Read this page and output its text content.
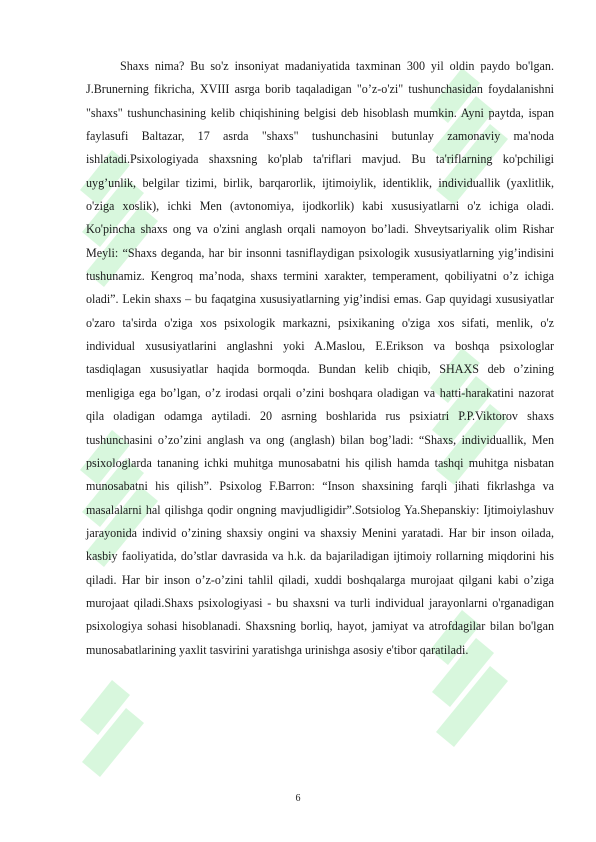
Shaxs nima? Bu so'z insoniyat madaniyatida taxminan 300 yil oldin paydo bo'lgan. J.Brunerning fikricha, XVIII asrga borib taqaladigan "o’z-o'zi" tushunchasidan foydalanishni "shaxs" tushunchasining kelib chiqishining belgisi deb hisoblash mumkin. Ayni paytda, ispan faylasufi Baltazar, 17 asrda "shaxs" tushunchasini butunlay zamonaviy ma'noda ishlatadi.Psixologiyada shaxsning ko'plab ta'riflari mavjud. Bu ta'riflarning ko'pchiligi uyg’unlik, belgilar tizimi, birlik, barqarorlik, ijtimoiylik, identiklik, individuallik (yaxlitlik, o'ziga xoslik), ichki Men (avtonomiya, ijodkorlik) kabi xususiyatlarni o'z ichiga oladi. Ko'pincha shaxs ong va o'zini anglash orqali namoyon bo’ladi. Shveytsariyalik olim Rishar Meyli: “Shaxs deganda, har bir insonni tasniflaydigan psixologik xususiyatlarning yig’indisini tushunamiz. Kengroq ma’noda, shaxs termini xarakter, temperament, qobiliyatni o’z ichiga oladi”. Lekin shaxs – bu faqatgina xususiyatlarning yig’indisi emas. Gap quyidagi xususiyatlar o'zaro ta'sirda o'ziga xos psixologik markazni, psixikaning o'ziga xos sifati, menlik, o'z individual xususiyatlarini anglashni yoki A.Maslou, E.Erikson va boshqa psixologlar tasdiqlagan xususiyatlar haqida bormoqda. Bundan kelib chiqib, SHAXS deb o’zining menligiga ega bo’lgan, o’z irodasi orqali o’zini boshqara oladigan va hatti-harakatini nazorat qila oladigan odamga aytiladi. 20 asrning boshlarida rus psixiatri P.P.Viktorov shaxs tushunchasini o’zo’zini anglash va ong (anglash) bilan bog’ladi: “Shaxs, individuallik, Men psixologlarda tananing ichki muhitga munosabatni his qilish hamda tashqi muhitga nisbatan munosabatni his qilish”. Psixolog F.Barron: “Inson shaxsining farqli jihati fikrlashga va masalalarni hal qilishga qodir ongning mavjudligidir”.Sotsiolog Ya.Shepanskiy: Ijtimoiylashuv jarayonida individ o’zining shaxsiy ongini va shaxsiy Menini yaratadi. Har bir inson oilada, kasbiy faoliyatida, do’stlar davrasida va h.k. da bajariladigan ijtimoiy rollarning miqdorini his qiladi. Har bir inson o’z-o’zini tahlil qiladi, xuddi boshqalarga murojaat qilgani kabi o’ziga murojaat qiladi.Shaxs psixologiyasi - bu shaxsni va turli individual jarayonlarni o'rganadigan psixologiya sohasi hisoblanadi. Shaxsning borliq, hayot, jamiyat va atrofdagilar bilan bo'lgan munosabatlarining yaxlit tasvirini yaratishga urinishga asosiy e'tibor qaratiladi.

6
